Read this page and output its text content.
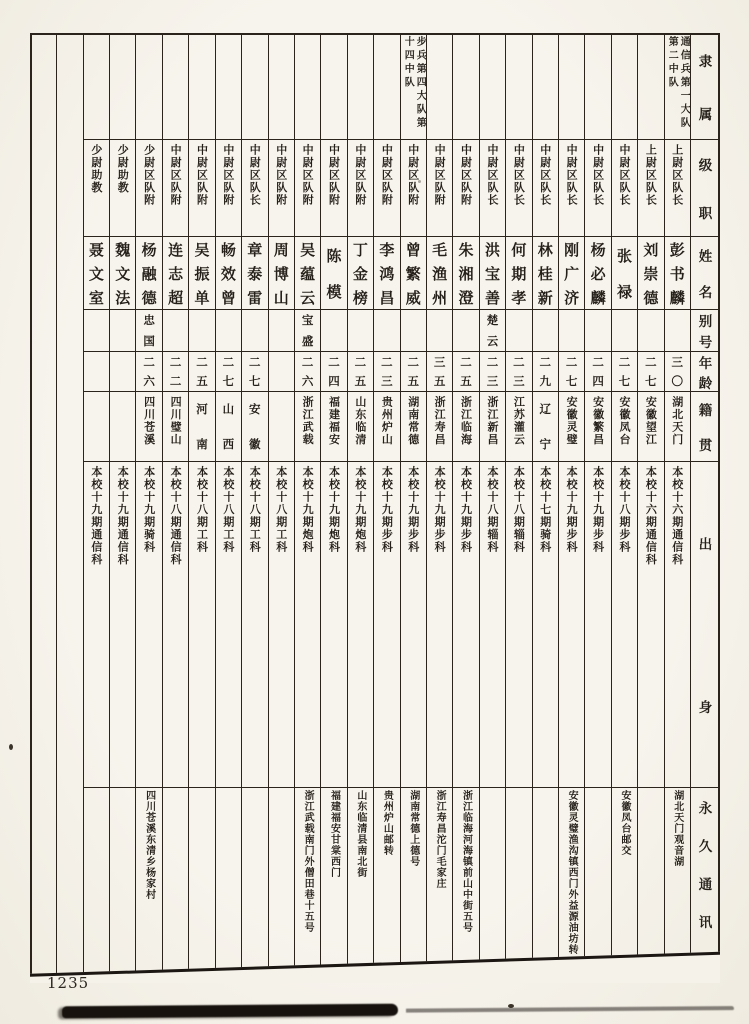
隶
属
级
职
姓
名
别
号
年
龄
籍
贯
出
身
永
久
通
讯
通信兵第一大队第二中队
上尉区队长
彭
书
麟
三
〇
湖北天门
本校十六期通信科
湖北天门观音湖
上尉区队长
刘
崇
德
二
七
安徽望江
本校十六期通信科
中尉区队长
张
禄
二
七
安徽凤台
本校十八期步科
安徽凤台邮交
中尉区队长
杨
必
麟
二
四
安徽繁昌
本校十九期步科
中尉区队长
刚
广
济
二
七
安徽灵璧
本校十九期步科
安徽灵璧渔沟镇西门外益源油坊转
中尉区队长
林
桂
新
二
九
辽
宁
本校十七期骑科
中尉区队长
何
期
孝
二
三
江苏灌云
本校十八期辎科
中尉区队长
洪
宝
善
楚
云
二
三
浙江新昌
本校十八期辎科
中尉区队附
朱
湘
澄
二
五
浙江临海
本校十九期步科
浙江临海河海镇前山中街五号
中尉区队附
毛
渔
州
三
五
浙江寿昌
本校十九期步科
浙江寿昌沱门毛家庄
步兵第四大队第十四中队
中尉区队附
曾
繁
威
二
五
湖南常德
本校十九期步科
湖南常德上德号
中尉区队附
李
鸿
昌
二
三
贵州炉山
本校十九期步科
贵州炉山邮转
中尉区队附
丁
金
榜
二
五
山东临清
本校十九期炮科
山东临清县南北街
中尉区队附
陈
模
二
四
福建福安
本校十九期炮科
福建福安甘棠西门
中尉区队附
吴
蕴
云
宝
盛
二
六
浙江武载
本校十九期炮科
浙江武载南门外僧田巷十五号
中尉区队附
周
博
山
本校十八期工科
中尉区队长
章
泰
雷
二
七
安
徽
本校十八期工科
中尉区队附
畅
效
曾
二
七
山
西
本校十八期工科
中尉区队附
吴
振
单
二
五
河
南
本校十八期工科
中尉区队附
连
志
超
二
二
四川璧山
本校十八期通信科
少尉区队附
杨
融
德
忠
国
二
六
四川苍溪
本校十九期骑科
四川苍溪东清乡杨家村
少尉助教
魏
文
法
本校十九期通信科
少尉助教
聂
文
室
本校十九期通信科
1235
